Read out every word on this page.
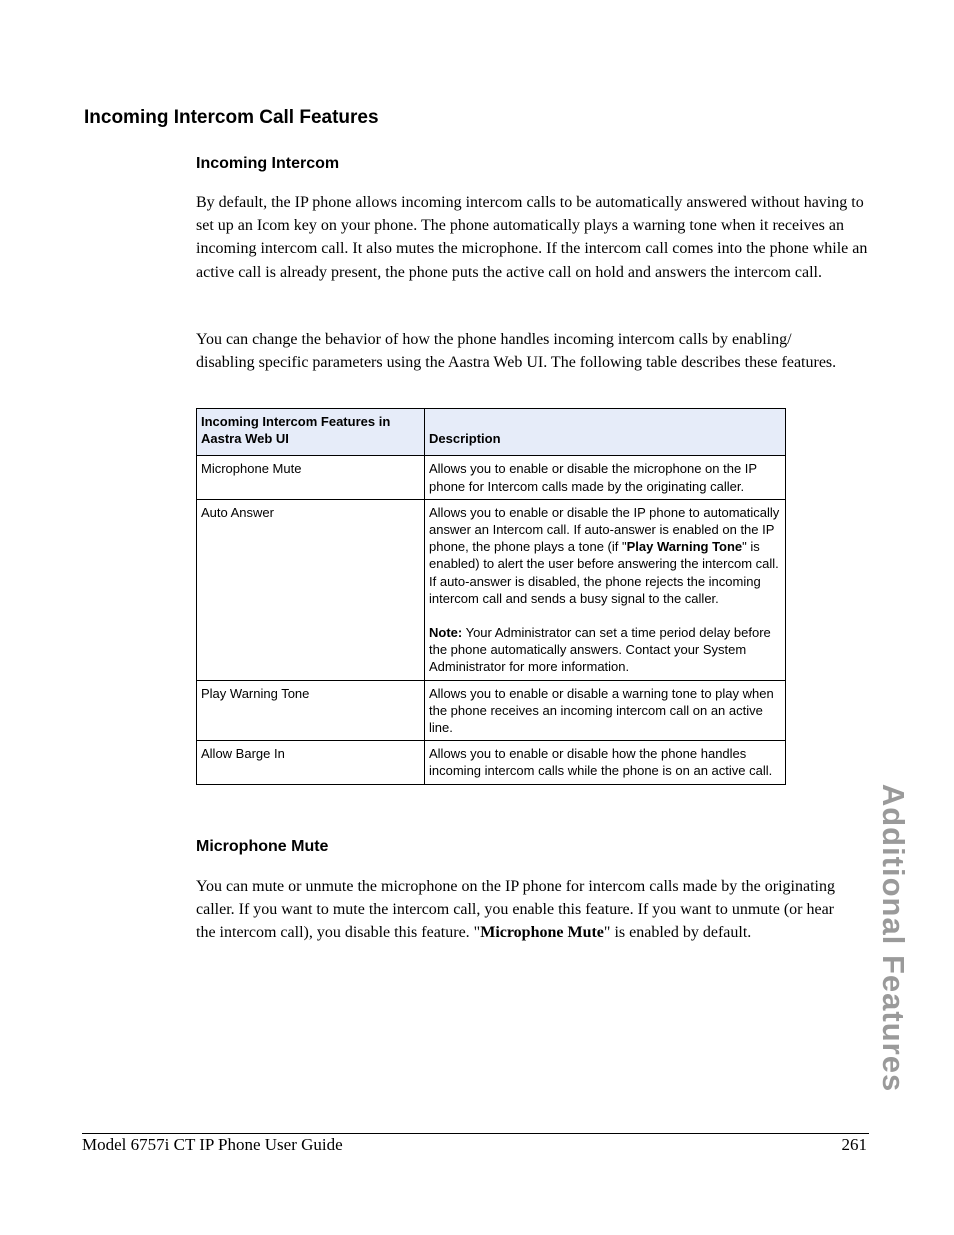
Incoming Intercom Call Features
Incoming Intercom
By default, the IP phone allows incoming intercom calls to be automatically answered without having to set up an Icom key on your phone. The phone automatically plays a warning tone when it receives an incoming intercom call. It also mutes the microphone. If the intercom call comes into the phone while an active call is already present, the phone puts the active call on hold and answers the intercom call.
You can change the behavior of how the phone handles incoming intercom calls by enabling/ disabling specific parameters using the Aastra Web UI. The following table describes these features.
Incoming Intercom Features in Aastra Web UI	Description
Microphone Mute	Allows you to enable or disable the microphone on the IP phone for Intercom calls made by the originating caller.
Auto Answer	Allows you to enable or disable the IP phone to automatically answer an Intercom call. If auto-answer is enabled on the IP phone, the phone plays a tone (if "Play Warning Tone" is enabled) to alert the user before answering the intercom call. If auto-answer is disabled, the phone rejects the incoming intercom call and sends a busy signal to the caller.
Note: Your Administrator can set a time period delay before the phone automatically answers. Contact your System Administrator for more information.

Play Warning Tone	Allows you to enable or disable a warning tone to play when the phone receives an incoming intercom call on an active line.
Allow Barge In	Allows you to enable or disable how the phone handles incoming intercom calls while the phone is on an active call.
Microphone Mute
You can mute or unmute the microphone on the IP phone for intercom calls made by the originating caller. If you want to mute the intercom call, you enable this feature. If you want to unmute (or hear the intercom call), you disable this feature. "Microphone Mute" is enabled by default.
Model 6757i CT IP Phone User Guide	261
Additional Features
